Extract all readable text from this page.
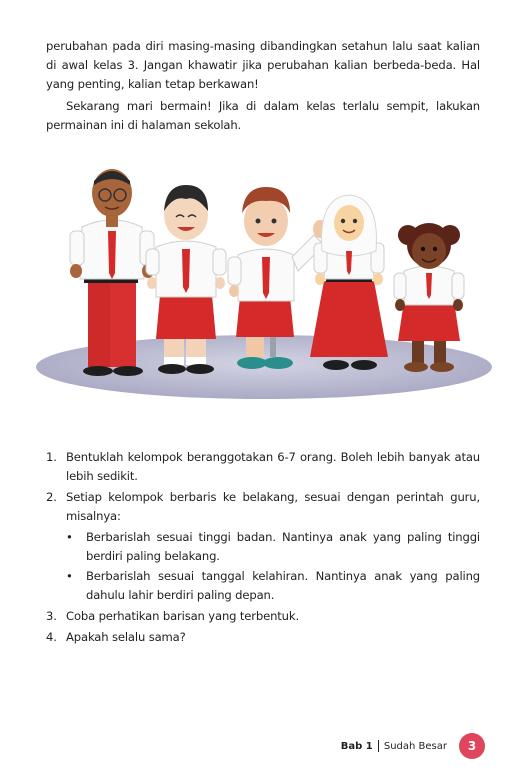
perubahan pada diri masing-masing dibandingkan setahun lalu saat kalian di awal kelas 3. Jangan khawatir jika perubahan kalian berbeda-beda. Hal yang penting, kalian tetap berkawan!

Sekarang mari bermain! Jika di dalam kelas terlalu sempit, lakukan permainan ini di halaman sekolah.

1. Bentuklah kelompok beranggotakan 6-7 orang. Boleh lebih banyak atau lebih sedikit.
2. Setiap kelompok berbaris ke belakang, sesuai dengan perintah guru, misalnya:
• Berbarislah sesuai tinggi badan. Nantinya anak yang paling tinggi berdiri paling belakang.
• Berbarislah sesuai tanggal kelahiran. Nantinya anak yang paling dahulu lahir berdiri paling depan.
3. Coba perhatikan barisan yang terbentuk.
4. Apakah selalu sama?
Bab 1 Sudah Besar	3
